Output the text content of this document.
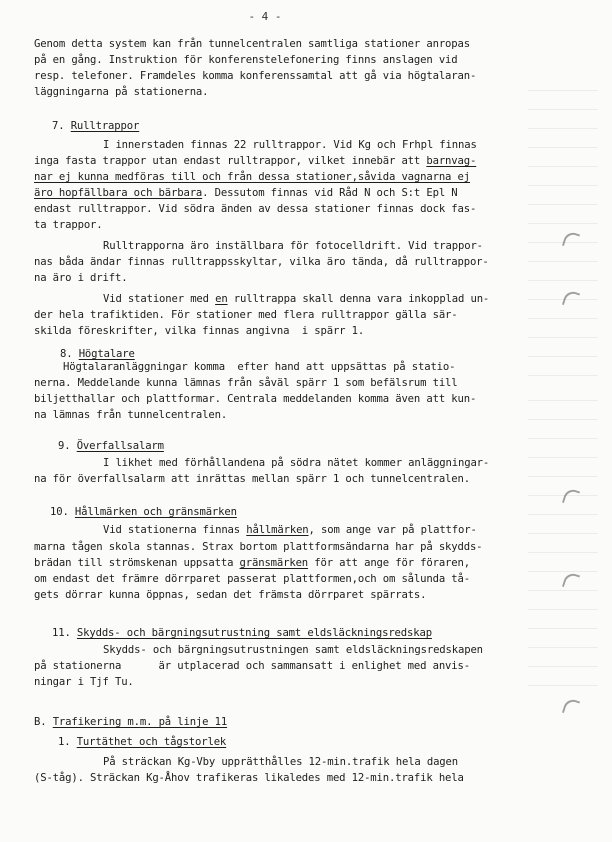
- 4 -
Genom detta system kan från tunnelcentralen samtliga stationer anropas
på en gång. Instruktion för konferenstelefonering finns anslagen vid
resp. telefoner. Framdeles komma konferenssamtal att gå via högtalaran-
läggningarna på stationerna.
7. Rulltrappor
I innerstaden finnas 22 rulltrappor. Vid Kg och Frhpl finnas
inga fasta trappor utan endast rulltrappor, vilket innebär att barnvag-
nar ej kunna medföras till och från dessa stationer,såvida vagnarna ej
äro hopfällbara och bärbara. Dessutom finnas vid Råd N och S:t Epl N
endast rulltrappor. Vid södra änden av dessa stationer finnas dock fas-
ta trappor.
Rulltrapporna äro inställbara för fotocelldrift. Vid trappor-
nas båda ändar finnas rulltrappsskyltar, vilka äro tända, då rulltrappor-
na äro i drift.
Vid stationer med en rulltrappa skall denna vara inkopplad un-
der hela trafiktiden. För stationer med flera rulltrappor gälla sär-
skilda föreskrifter, vilka finnas angivna  i spärr 1.
8. Högtalare
Högtalaranläggningar komma  efter hand att uppsättas på statio-
nerna. Meddelande kunna lämnas från såväl spärr 1 som befälsrum till
biljetthallar och plattformar. Centrala meddelanden komma även att kun-
na lämnas från tunnelcentralen.
9. Överfallsalarm
I likhet med förhållandena på södra nätet kommer anläggningar-
na för överfallsalarm att inrättas mellan spärr 1 och tunnelcentralen.
10. Hållmärken och gränsmärken
Vid stationerna finnas hållmärken, som ange var på plattfor-
marna tågen skola stannas. Strax bortom plattformsändarna har på skydds-
brädan till strömskenan uppsatta gränsmärken för att ange för föraren,
om endast det främre dörrparet passerat plattformen,och om sålunda tå-
gets dörrar kunna öppnas, sedan det främsta dörrparet spärrats.
11. Skydds- och bärgningsutrustning samt eldsläckningsredskap
Skydds- och bärgningsutrustningen samt eldsläckningsredskapen
på stationerna      är utplacerad och sammansatt i enlighet med anvis-
ningar i Tjf Tu.
B. Trafikering m.m. på linje 11
1. Turtäthet och tågstorlek
På sträckan Kg-Vby upprätthålles 12-min.trafik hela dagen
(S-tåg). Sträckan Kg-Åhov trafikeras likaledes med 12-min.trafik hela
